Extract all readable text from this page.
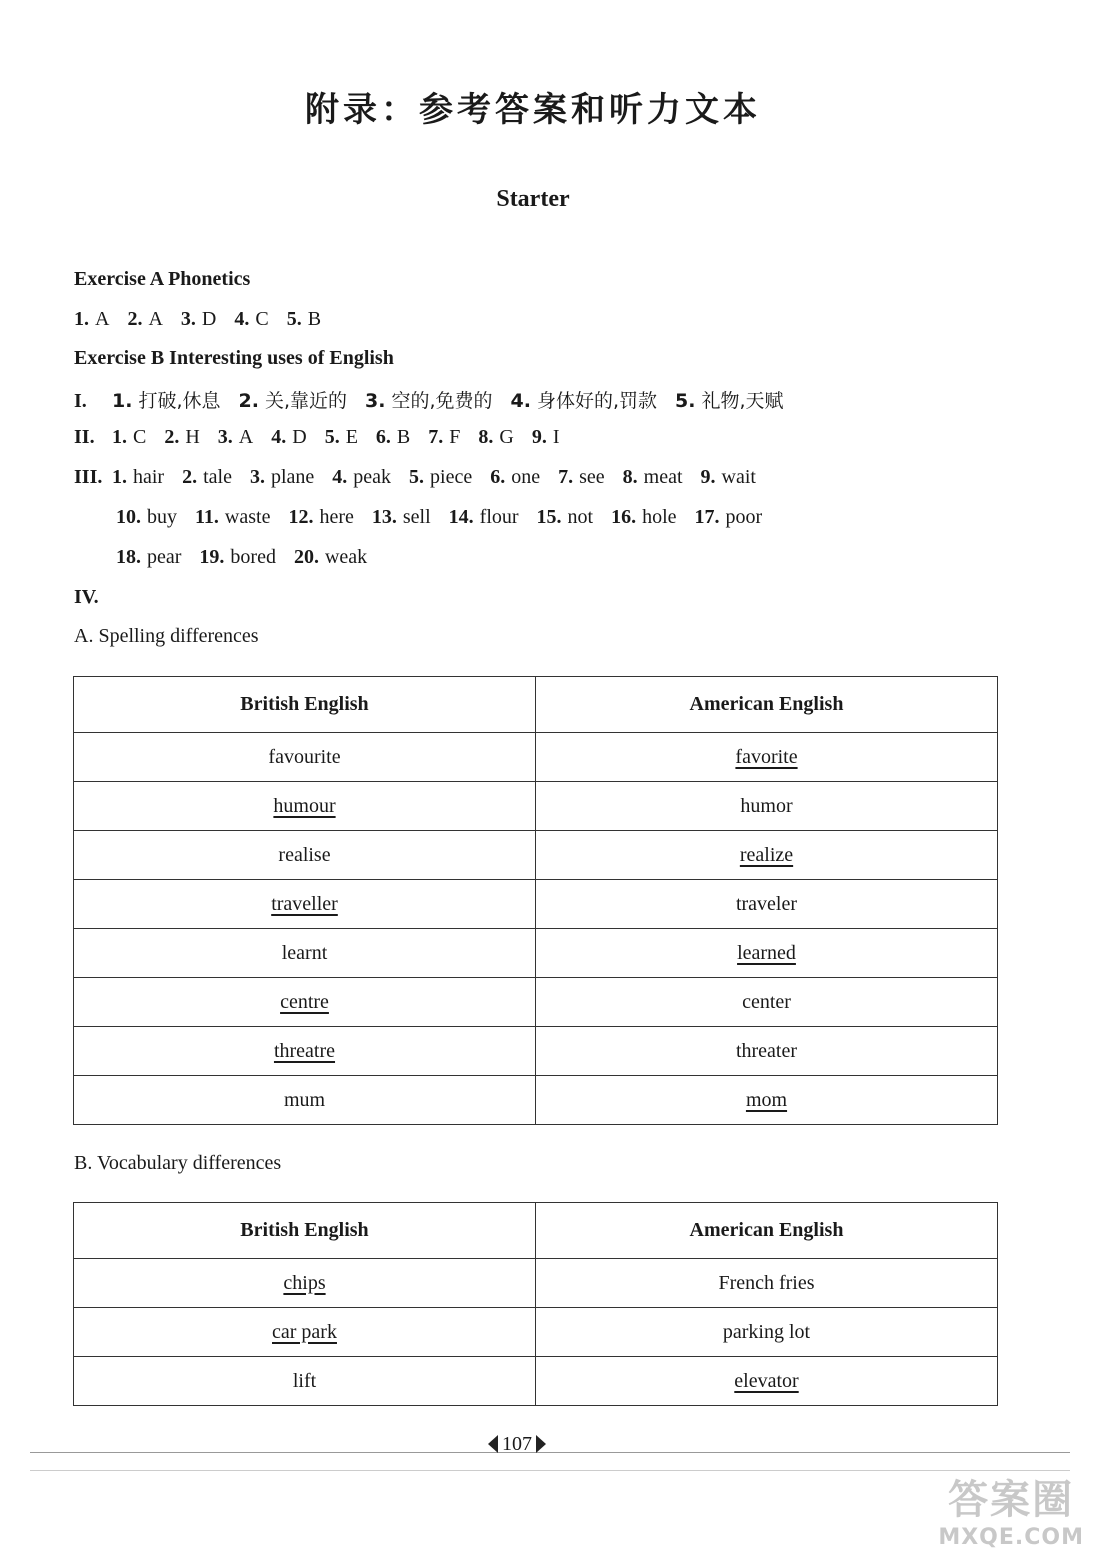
附录：参考答案和听力文本
Starter
Exercise A Phonetics
1. A 2. A 3. D 4. C 5. B
Exercise B Interesting uses of English
I. 1. 打破,休息 2. 关,靠近的 3. 空的,免费的 4. 身体好的,罚款 5. 礼物,天赋
II. 1. C 2. H 3. A 4. D 5. E 6. B 7. F 8. G 9. I
III. 1. hair 2. tale 3. plane 4. peak 5. piece 6. one 7. see 8. meat 9. wait
10. buy 11. waste 12. here 13. sell 14. flour 15. not 16. hole 17. poor
18. pear 19. bored 20. weak
IV.
A. Spelling differences
British English	American English
favourite	favorite
humour	humor
realise	realize
traveller	traveler
learnt	learned
centre	center
threatre	threater
mum	mom
B. Vocabulary differences
British English	American English
chips	French fries
car park	parking lot
lift	elevator
107
答案圈
MXQE.COM
